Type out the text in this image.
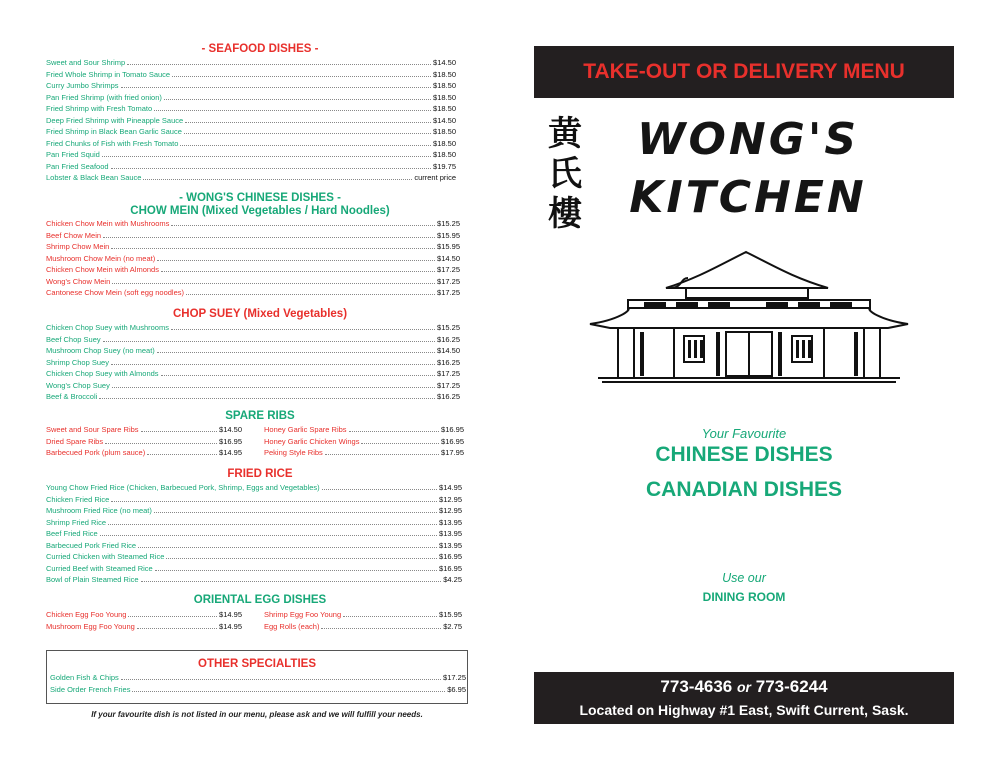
- SEAFOOD DISHES -
Sweet and Sour Shrimp	$14.50
Fried Whole Shrimp in Tomato Sauce	$18.50
Curry Jumbo Shrimps	$18.50
Pan Fried Shrimp (with fried onion)	$18.50
Fried Shrimp with Fresh Tomato	$18.50
Deep Fried Shrimp with Pineapple Sauce	$14.50
Fried Shrimp in Black Bean Garlic Sauce	$18.50
Fried Chunks of Fish with Fresh Tomato	$18.50
Pan Fried Squid	$18.50
Pan Fried Seafood	$19.75
Lobster & Black Bean Sauce	current price
- WONG'S CHINESE DISHES -
CHOW MEIN (Mixed Vegetables / Hard Noodles)
Chicken Chow Mein with Mushrooms	$15.25
Beef Chow Mein	$15.95
Shrimp Chow Mein	$15.95
Mushroom Chow Mein (no meat)	$14.50
Chicken Chow Mein with Almonds	$17.25
Wong's Chow Mein	$17.25
Cantonese Chow Mein (soft egg noodles)	$17.25
CHOP SUEY (Mixed Vegetables)
Chicken Chop Suey with Mushrooms	$15.25
Beef Chop Suey	$16.25
Mushroom Chop Suey (no meat)	$14.50
Shrimp Chop Suey	$16.25
Chicken Chop Suey with Almonds	$17.25
Wong's Chop Suey	$17.25
Beef & Broccoli	$16.25
SPARE RIBS
Sweet and Sour Spare Ribs	$14.50
Dried Spare Ribs	$16.95
Barbecued Pork (plum sauce)	$14.95
Honey Garlic Spare Ribs	$16.95
Honey Garlic Chicken Wings	$16.95
Peking Style Ribs	$17.95
FRIED RICE
Young Chow Fried Rice (Chicken, Barbecued Pork, Shrimp, Eggs and Vegetables)	$14.95
Chicken Fried Rice	$12.95
Mushroom Fried Rice (no meat)	$12.95
Shrimp Fried Rice	$13.95
Beef Fried Rice	$13.95
Barbecued Pork Fried Rice	$13.95
Curried Chicken with Steamed Rice	$16.95
Curried Beef with Steamed Rice	$16.95
Bowl of Plain Steamed Rice	$4.25
ORIENTAL EGG DISHES
Chicken Egg Foo Young	$14.95
Mushroom Egg Foo Young	$14.95
Shrimp Egg Foo Young	$15.95
Egg Rolls (each)	$2.75
OTHER SPECIALTIES
Golden Fish & Chips	$17.25
Side Order French Fries	$6.95
If your favourite dish is not listed in our menu, please ask and we will fulfill your needs.
TAKE-OUT OR DELIVERY MENU
黄
氏
樓
WONG'S
KITCHEN
Your Favourite
CHINESE DISHES
CANADIAN DISHES
Use our
DINING ROOM
773-4636 or 773-6244
Located on Highway #1 East, Swift Current, Sask.
